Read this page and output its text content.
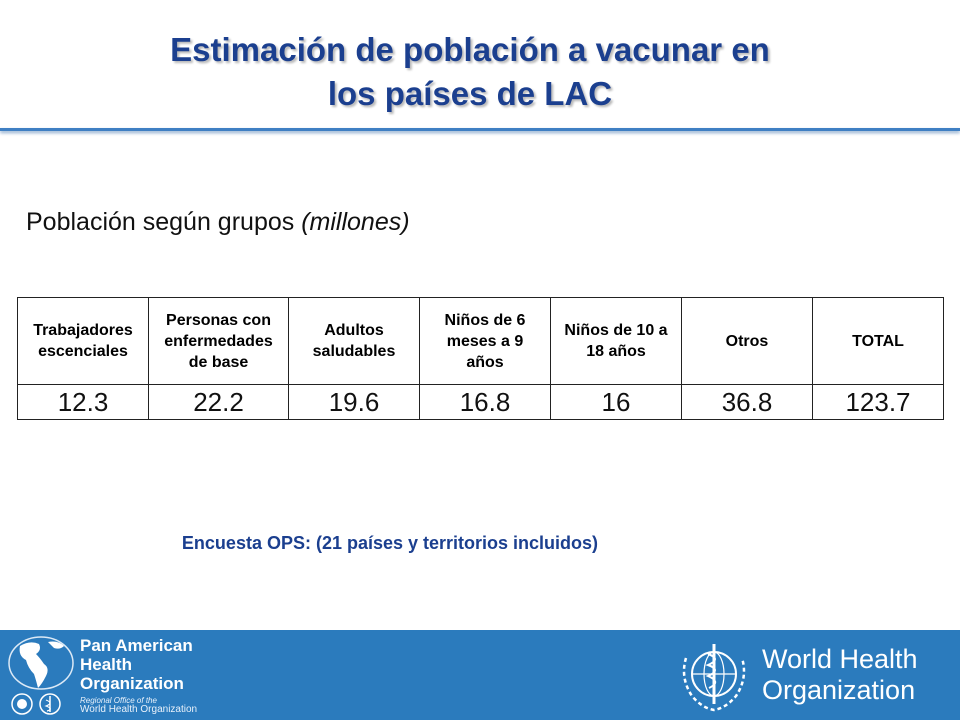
Estimación de población a vacunar en
los países de LAC
Población según grupos (millones)
Trabajadores escenciales	Personas con enfermedades de base	Adultos saludables	Niños de 6 meses a 9 años	Niños de 10 a 18 años	Otros	TOTAL
12.3	22.2	19.6	16.8	16	36.8	123.7
Encuesta OPS: (21 países y territorios incluidos)
Pan American
Health
Organization
Regional Office of the
World Health Organization
World Health
Organization
